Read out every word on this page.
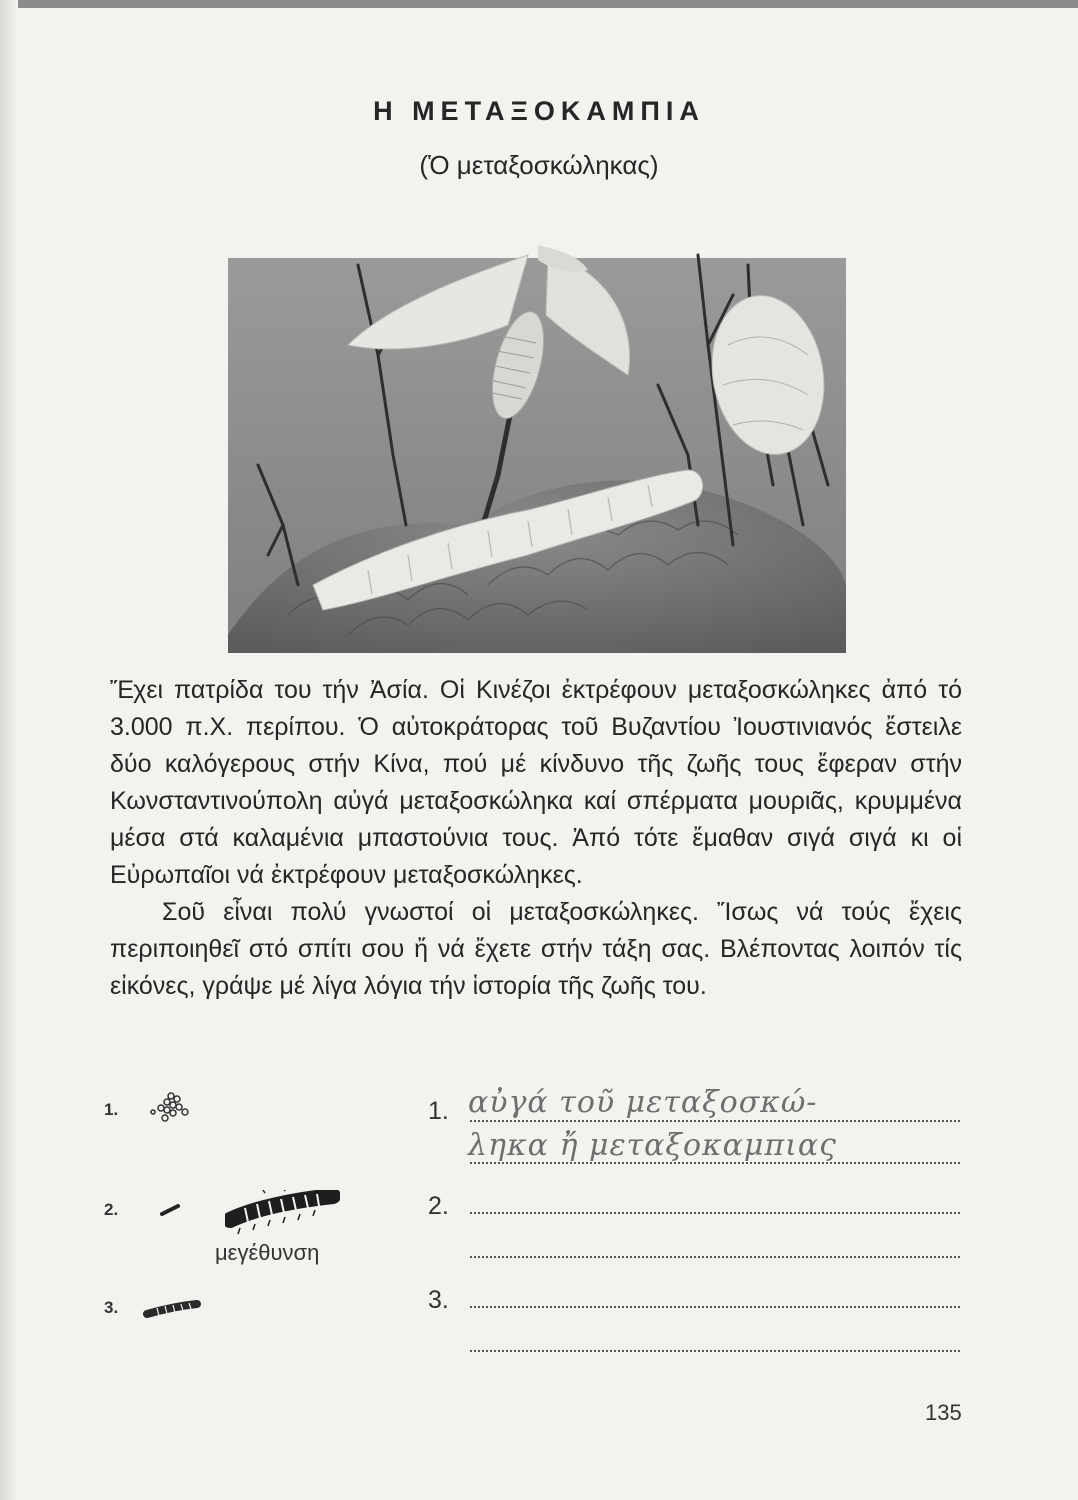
Η ΜΕΤΑΞΟΚΑΜΠΙΑ
(Ὁ μεταξοσκώληκας)

Ἔχει πατρίδα του τήν Ἀσία. Οἱ Κινέζοι ἐκτρέφουν μεταξοσκώληκες ἀπό τό 3.000 π.Χ. περίπου. Ὁ αὐτοκράτορας τοῦ Βυζαντίου Ἰουστινιανός ἔστειλε δύο καλόγερους στήν Κίνα, πού μέ κίνδυνο τῆς ζωῆς τους ἔφεραν στήν Κωνσταντινούπολη αὐγά μεταξοσκώληκα καί σπέρματα μουριᾶς, κρυμμένα μέσα στά καλαμένια μπαστούνια τους. Ἀπό τότε ἔμαθαν σιγά σιγά κι οἱ Εὐρωπαῖοι νά ἐκτρέφουν μεταξοσκώληκες.

Σοῦ εἶναι πολύ γνωστοί οἱ μεταξοσκώληκες. Ἴσως νά τούς ἔχεις περιποιηθεῖ στό σπίτι σου ἤ νά ἔχετε στήν τάξη σας. Βλέποντας λοιπόν τίς εἰκόνες, γράψε μέ λίγα λόγια τήν ἱστορία τῆς ζωῆς του.

1.
2.
3.
μεγέθυνση
1. αὐγά τοῦ μεταξοσκώ-
ληκα ἤ μεταξοκαμπιας
2.
3.
135
